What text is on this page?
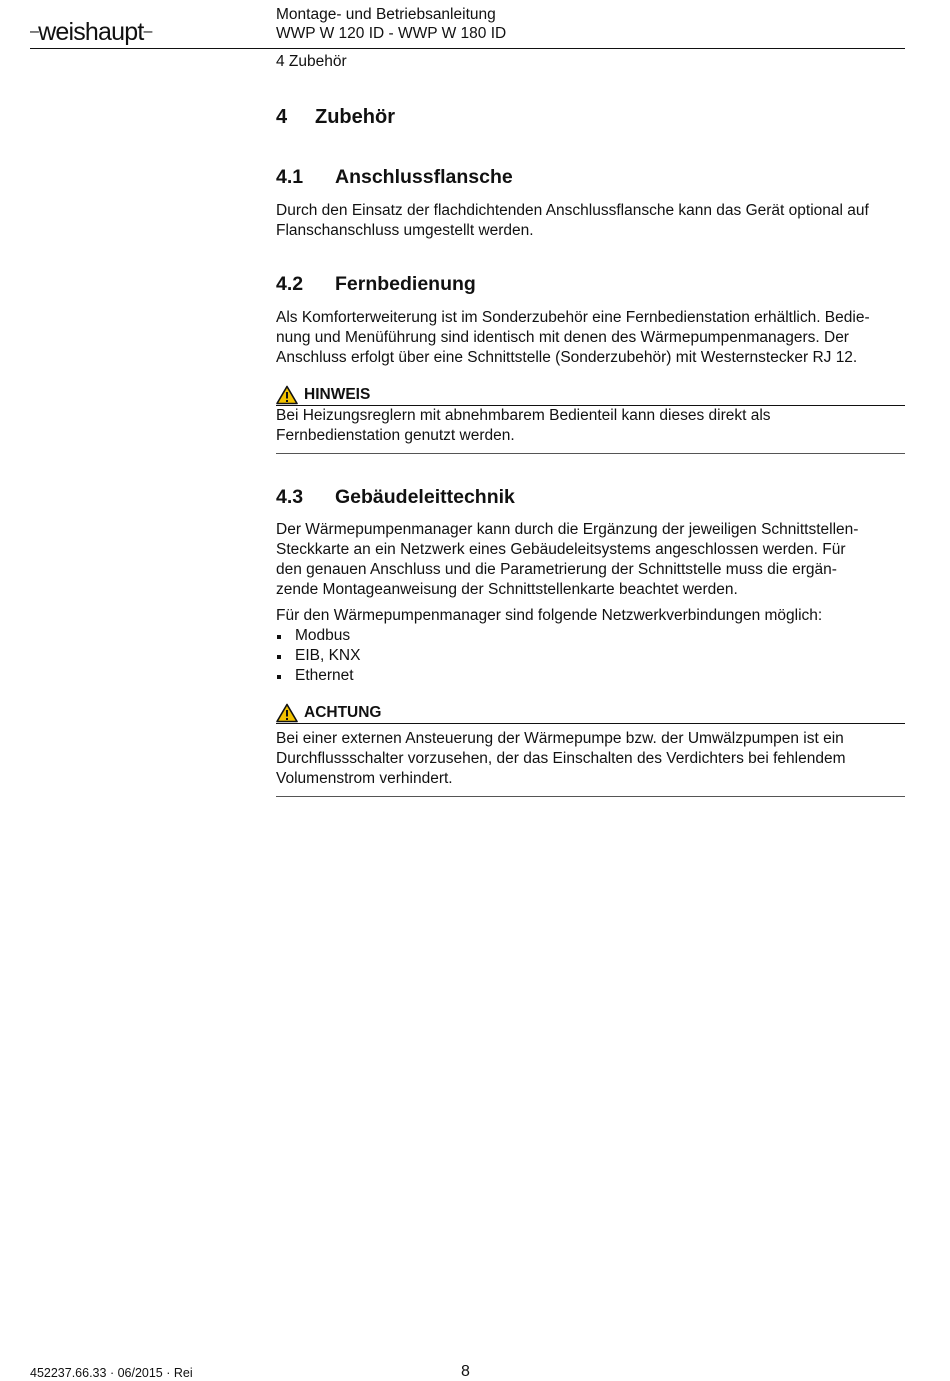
–weishaupt–
Montage- und Betriebsanleitung
WWP W 120 ID - WWP W 180 ID
4 Zubehör
4 Zubehör
4.1 Anschlussflansche
Durch den Einsatz der flachdichtenden Anschlussflansche kann das Gerät optional auf
Flanschanschluss umgestellt werden.
4.2 Fernbedienung
Als Komforterweiterung ist im Sonderzubehör eine Fernbedienstation erhältlich. Bedie-
nung und Menüführung sind identisch mit denen des Wärmepumpenmanagers. Der
Anschluss erfolgt über eine Schnittstelle (Sonderzubehör) mit Westernstecker RJ 12.
HINWEIS
Bei Heizungsreglern mit abnehmbarem Bedienteil kann dieses direkt als
Fernbedienstation genutzt werden.
4.3 Gebäudeleittechnik
Der Wärmepumpenmanager kann durch die Ergänzung der jeweiligen Schnittstellen-
Steckkarte an ein Netzwerk eines Gebäudeleitsystems angeschlossen werden. Für
den genauen Anschluss und die Parametrierung der Schnittstelle muss die ergän-
zende Montageanweisung der Schnittstellenkarte beachtet werden.
Für den Wärmepumpenmanager sind folgende Netzwerkverbindungen möglich:
Modbus
EIB, KNX
Ethernet
ACHTUNG
Bei einer externen Ansteuerung der Wärmepumpe bzw. der Umwälzpumpen ist ein
Durchflussschalter vorzusehen, der das Einschalten des Verdichters bei fehlendem
Volumenstrom verhindert.
452237.66.33 · 06/2015 · Rei	8
